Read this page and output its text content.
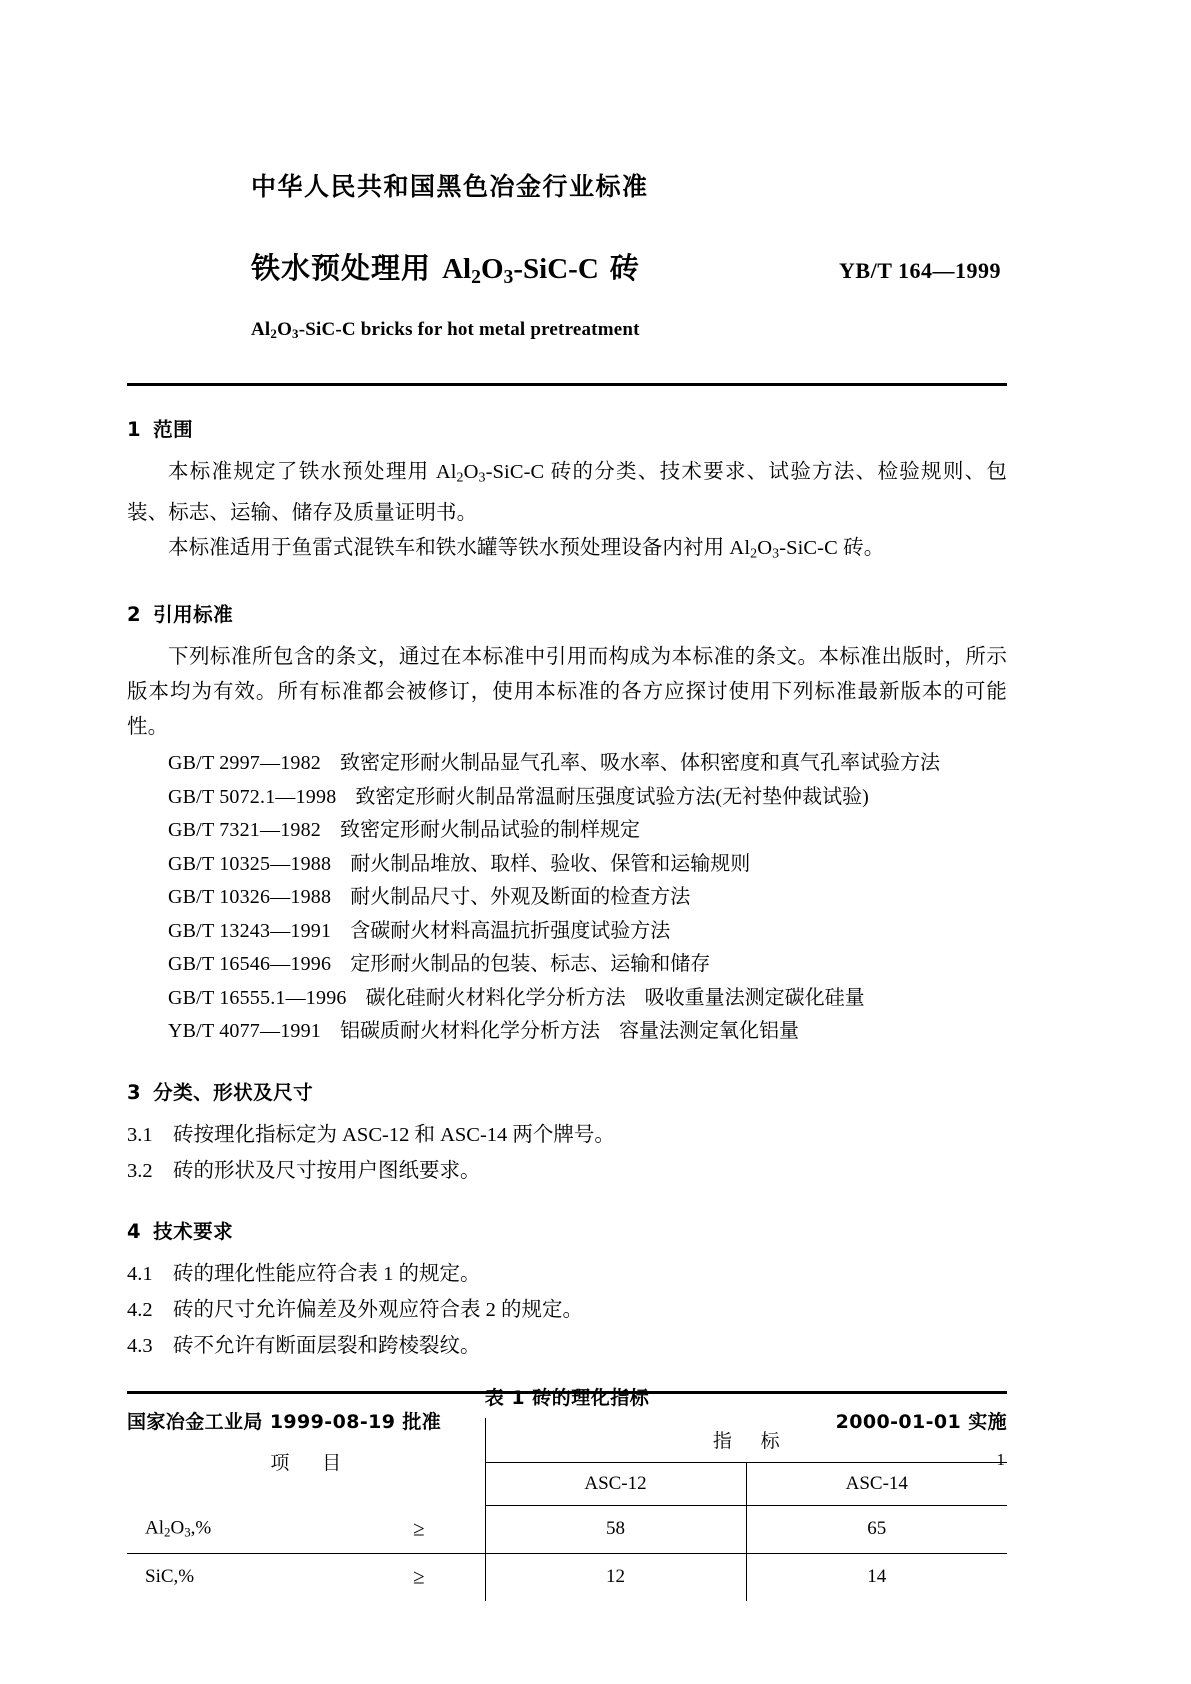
中华人民共和国黑色冶金行业标准
铁水预处理用 $Al_2O_3-SiC-C$ 砖	YB/T 164—1999
$Al_2O_3-SiC-C$ bricks for hot metal pretreatment
1 范围
本标准规定了铁水预处理用 $Al_2O_3-SiC-C$ 砖的分类、技术要求、试验方法、检验规则、包装、标志、运输、储存及质量证明书。
本标准适用于鱼雷式混铁车和铁水罐等铁水预处理设备内衬用 $Al_2O_3-SiC-C$ 砖。
2 引用标准
下列标准所包含的条文，通过在本标准中引用而构成为本标准的条文。本标准出版时，所示版本均为有效。所有标准都会被修订，使用本标准的各方应探讨使用下列标准最新版本的可能性。
GB/T 2997—1982 致密定形耐火制品显气孔率、吸水率、体积密度和真气孔率试验方法
GB/T 5072.1—1998 致密定形耐火制品常温耐压强度试验方法(无衬垫仲裁试验)
GB/T 7321—1982 致密定形耐火制品试验的制样规定
GB/T 10325—1988 耐火制品堆放、取样、验收、保管和运输规则
GB/T 10326—1988 耐火制品尺寸、外观及断面的检查方法
GB/T 13243—1991 含碳耐火材料高温抗折强度试验方法
GB/T 16546—1996 定形耐火制品的包装、标志、运输和储存
GB/T 16555.1—1996 碳化硅耐火材料化学分析方法 吸收重量法测定碳化硅量
YB/T 4077—1991 铝碳质耐火材料化学分析方法 容量法测定氧化铝量
3 分类、形状及尺寸
3.1 砖按理化指标定为 ASC-12 和 ASC-14 两个牌号。
3.2 砖的形状及尺寸按用户图纸要求。
4 技术要求
4.1 砖的理化性能应符合表 1 的规定。
4.2 砖的尺寸允许偏差及外观应符合表 2 的规定。
4.3 砖不允许有断面层裂和跨棱裂纹。
表 1 砖的理化指标
项 目	指 标	
	ASC-12	ASC-14

$Al_2O_3,\%$ ≥	58	65

SiC,% ≥	12	14
国家冶金工业局 1999-08-19 批准	2000-01-01 实施
1
